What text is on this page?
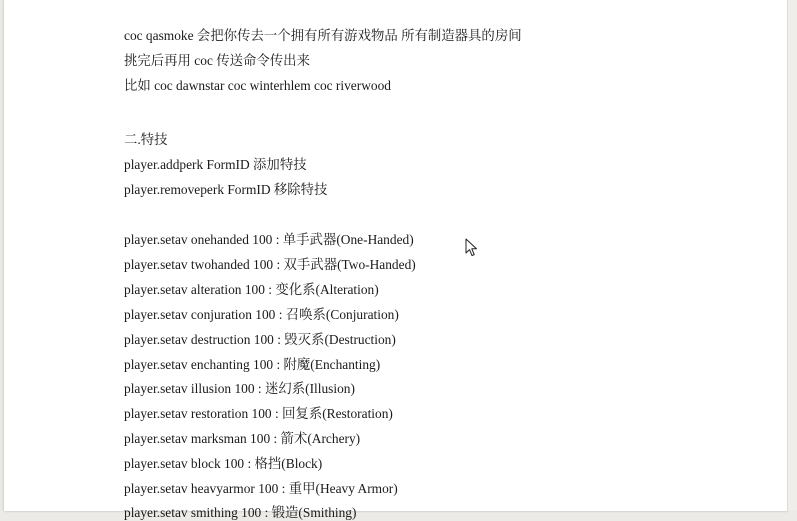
coc qasmoke 会把你传去一个拥有所有游戏物品 所有制造器具的房间
挑完后再用 coc 传送命令传出来
比如 coc dawnstar coc winterhlem coc riverwood
二.特技
player.addperk FormID 添加特技
player.removeperk FormID 移除特技
player.setav onehanded 100 : 单手武器(One-Handed)
player.setav twohanded 100 : 双手武器(Two-Handed)
player.setav alteration 100 : 变化系(Alteration)
player.setav conjuration 100 : 召唤系(Conjuration)
player.setav destruction 100 : 毁灭系(Destruction)
player.setav enchanting 100 : 附魔(Enchanting)
player.setav illusion 100 : 迷幻系(Illusion)
player.setav restoration 100 : 回复系(Restoration)
player.setav marksman 100 : 箭术(Archery)
player.setav block 100 : 格挡(Block)
player.setav heavyarmor 100 : 重甲(Heavy Armor)
player.setav smithing 100 : 锻造(Smithing)
